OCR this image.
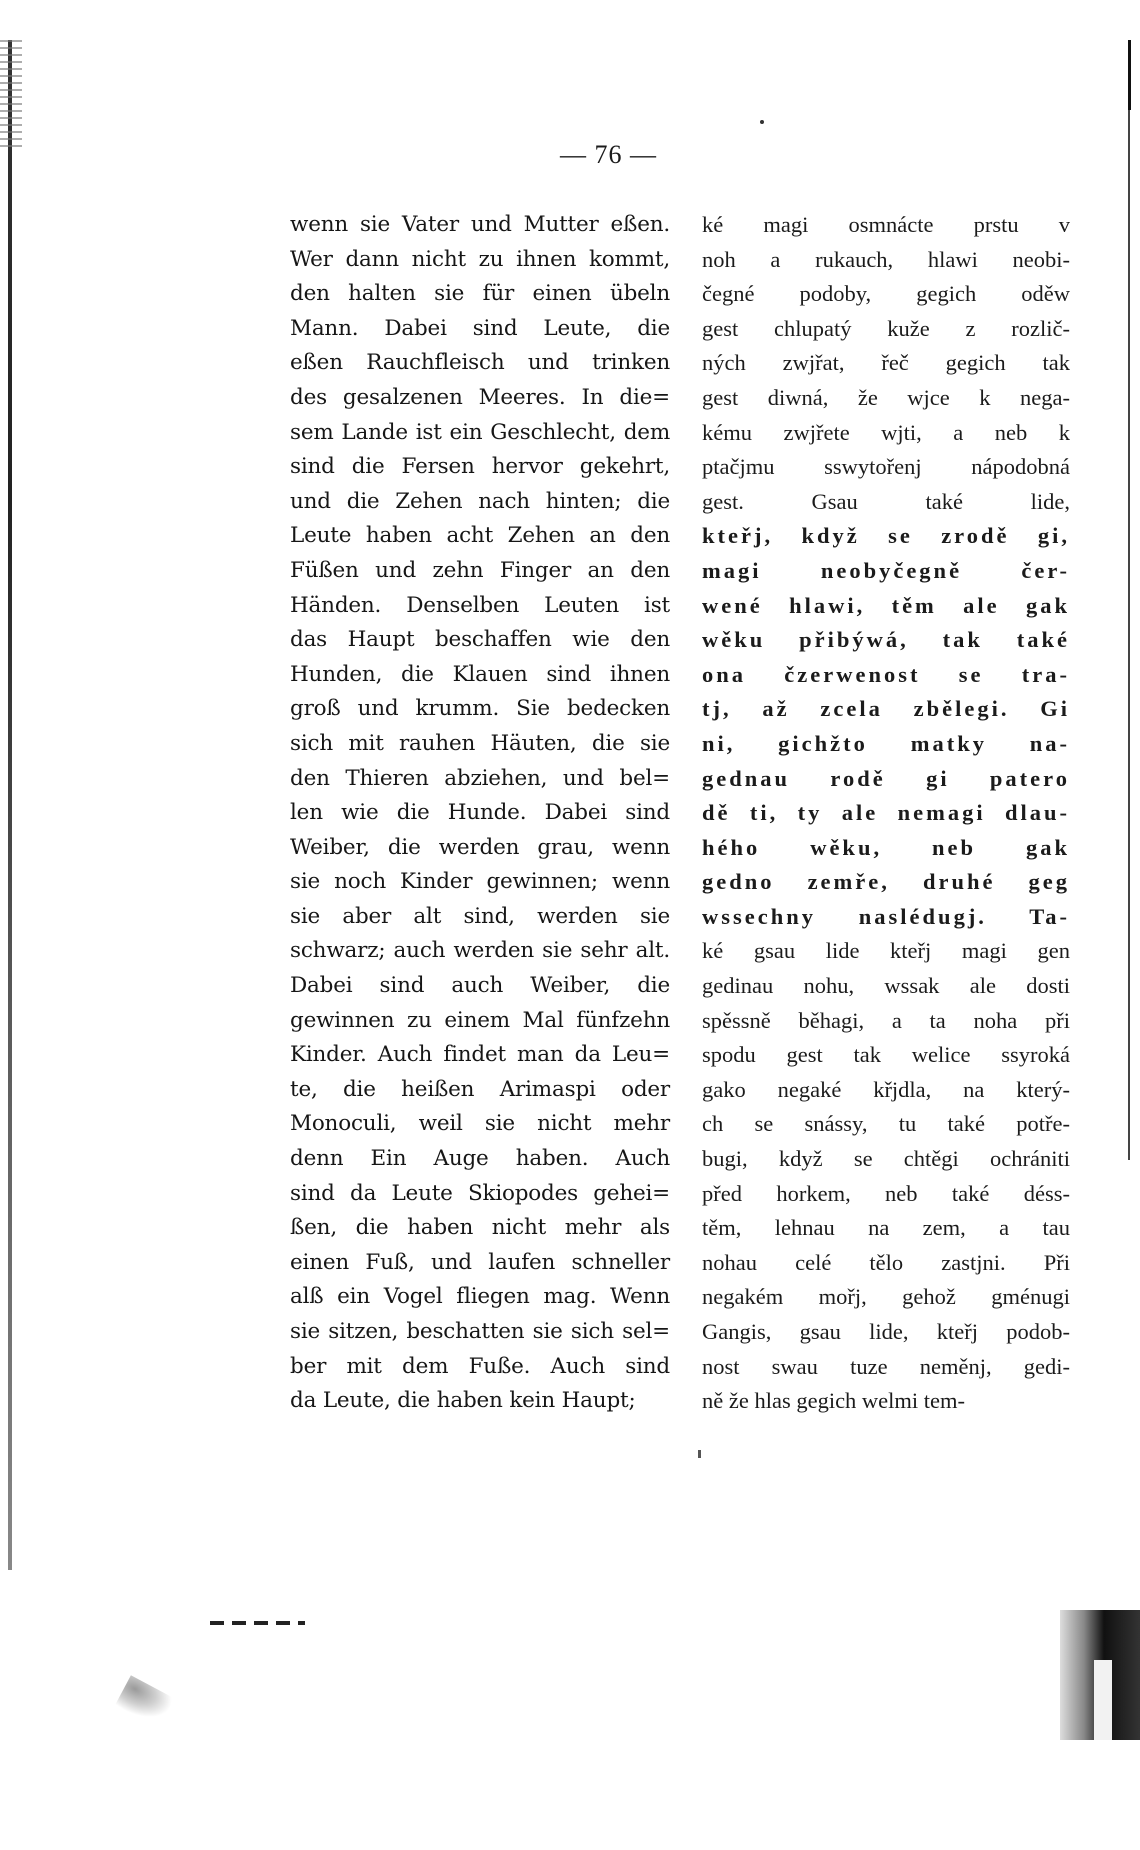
— 76 —
wenn sie Vater und Mutter eßen.
Wer dann nicht zu ihnen kommt,
den halten sie für einen übeln
Mann. Dabei sind Leute, die
eßen Rauchfleisch und trinken
des gesalzenen Meeres. In die=
sem Lande ist ein Geschlecht, dem
sind die Fersen hervor gekehrt,
und die Zehen nach hinten; die
Leute haben acht Zehen an den
Füßen und zehn Finger an den
Händen. Denselben Leuten ist
das Haupt beschaffen wie den
Hunden, die Klauen sind ihnen
groß und krumm. Sie bedecken
sich mit rauhen Häuten, die sie
den Thieren abziehen, und bel=
len wie die Hunde. Dabei sind
Weiber, die werden grau, wenn
sie noch Kinder gewinnen; wenn
sie aber alt sind, werden sie
schwarz; auch werden sie sehr alt.
Dabei sind auch Weiber, die
gewinnen zu einem Mal fünfzehn
Kinder. Auch findet man da Leu=
te, die heißen Arimaspi oder
Monoculi, weil sie nicht mehr
denn Ein Auge haben. Auch
sind da Leute Skiopodes gehei=
ßen, die haben nicht mehr als
einen Fuß, und laufen schneller
alß ein Vogel fliegen mag. Wenn
sie sitzen, beschatten sie sich sel=
ber mit dem Fuße. Auch sind
da Leute, die haben kein Haupt;
ké magi osmnácte prstu v
noh a rukauch, hlawi neobi-
čegné podoby, gegich oděw
gest chlupatý kuže z rozlič-
ných zwjřat, řeč gegich tak
gest diwná, že wjce k nega-
kému zwjřete wjti, a neb k
ptačjmu sswytořenj nápodobná
gest. Gsau také lide,
kteřj, když se zrodě gi,
magi neobyčegně čer-
wené hlawi, těm ale gak
wěku přibýwá, tak také
ona čzerwenost se tra-
tj, až zcela zbělegi. Gi
ni, gichžto matky na-
gednau rodě gi patero
dě ti, ty ale nemagi dlau-
hého wěku, neb gak
gedno zemře, druhé geg
wssechny naslédugj. Ta-
ké gsau lide kteřj magi gen
gedinau nohu, wssak ale dosti
spěssně běhagi, a ta noha při
spodu gest tak welice ssyroká
gako negaké křjdla, na který-
ch se snássy, tu také potře-
bugi, když se chtěgi ochrániti
před horkem, neb také déss-
těm, lehnau na zem, a tau
nohau celé tělo zastjni. Při
negakém mořj, gehož gménugi
Gangis, gsau lide, kteřj podob-
nost swau tuze neměnj, gedi-
ně že hlas gegich welmi tem-
